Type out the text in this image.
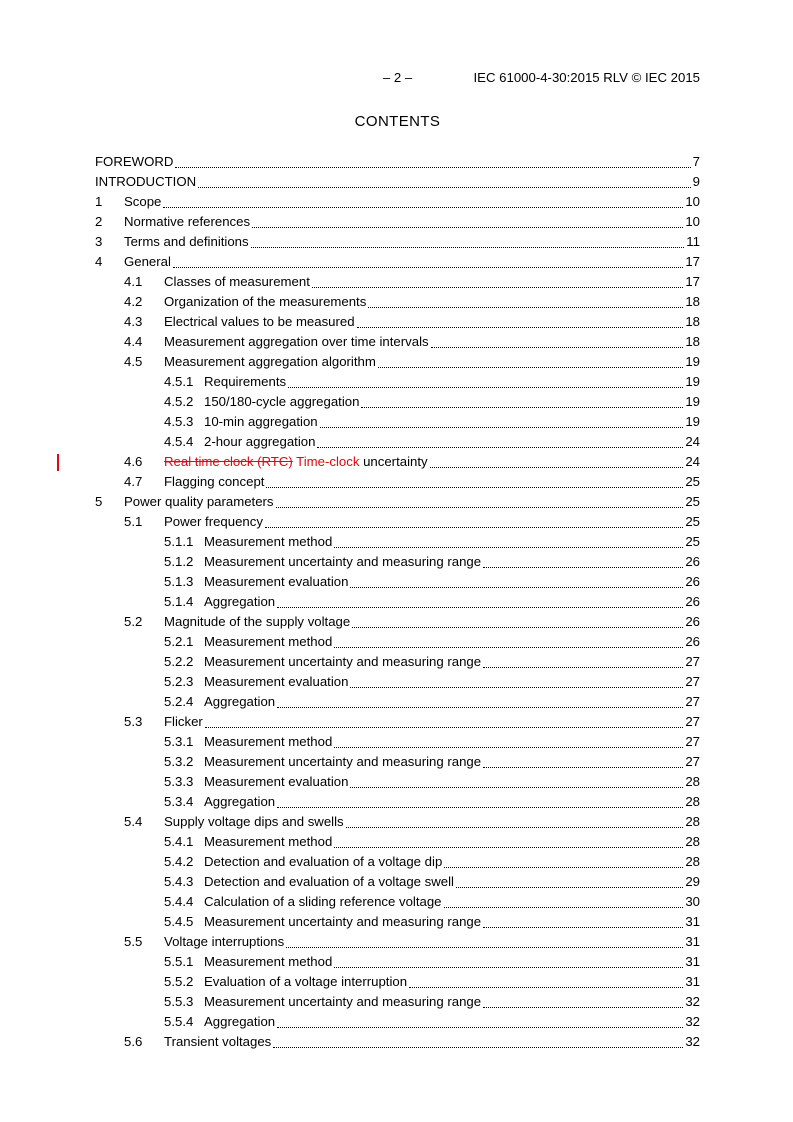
– 2 –	IEC 61000-4-30:2015 RLV © IEC 2015
CONTENTS
FOREWORD	7
INTRODUCTION	9
1	Scope	10
2	Normative references	10
3	Terms and definitions	11
4	General	17
4.1	Classes of measurement	17
4.2	Organization of the measurements	18
4.3	Electrical values to be measured	18
4.4	Measurement aggregation over time intervals	18
4.5	Measurement aggregation algorithm	19
4.5.1 Requirements	19
4.5.2 150/180-cycle aggregation	19
4.5.3 10-min aggregation	19
4.5.4 2-hour aggregation	24
4.6	Real time clock (RTC) Time-clock uncertainty	24
4.7	Flagging concept	25
5	Power quality parameters	25
5.1	Power frequency	25
5.1.1 Measurement method	25
5.1.2 Measurement uncertainty and measuring range	26
5.1.3 Measurement evaluation	26
5.1.4 Aggregation	26
5.2	Magnitude of the supply voltage	26
5.2.1 Measurement method	26
5.2.2 Measurement uncertainty and measuring range	27
5.2.3 Measurement evaluation	27
5.2.4 Aggregation	27
5.3	Flicker	27
5.3.1 Measurement method	27
5.3.2 Measurement uncertainty and measuring range	27
5.3.3 Measurement evaluation	28
5.3.4 Aggregation	28
5.4	Supply voltage dips and swells	28
5.4.1 Measurement method	28
5.4.2 Detection and evaluation of a voltage dip	28
5.4.3 Detection and evaluation of a voltage swell	29
5.4.4 Calculation of a sliding reference voltage	30
5.4.5 Measurement uncertainty and measuring range	31
5.5	Voltage interruptions	31
5.5.1 Measurement method	31
5.5.2 Evaluation of a voltage interruption	31
5.5.3 Measurement uncertainty and measuring range	32
5.5.4 Aggregation	32
5.6	Transient voltages	32
